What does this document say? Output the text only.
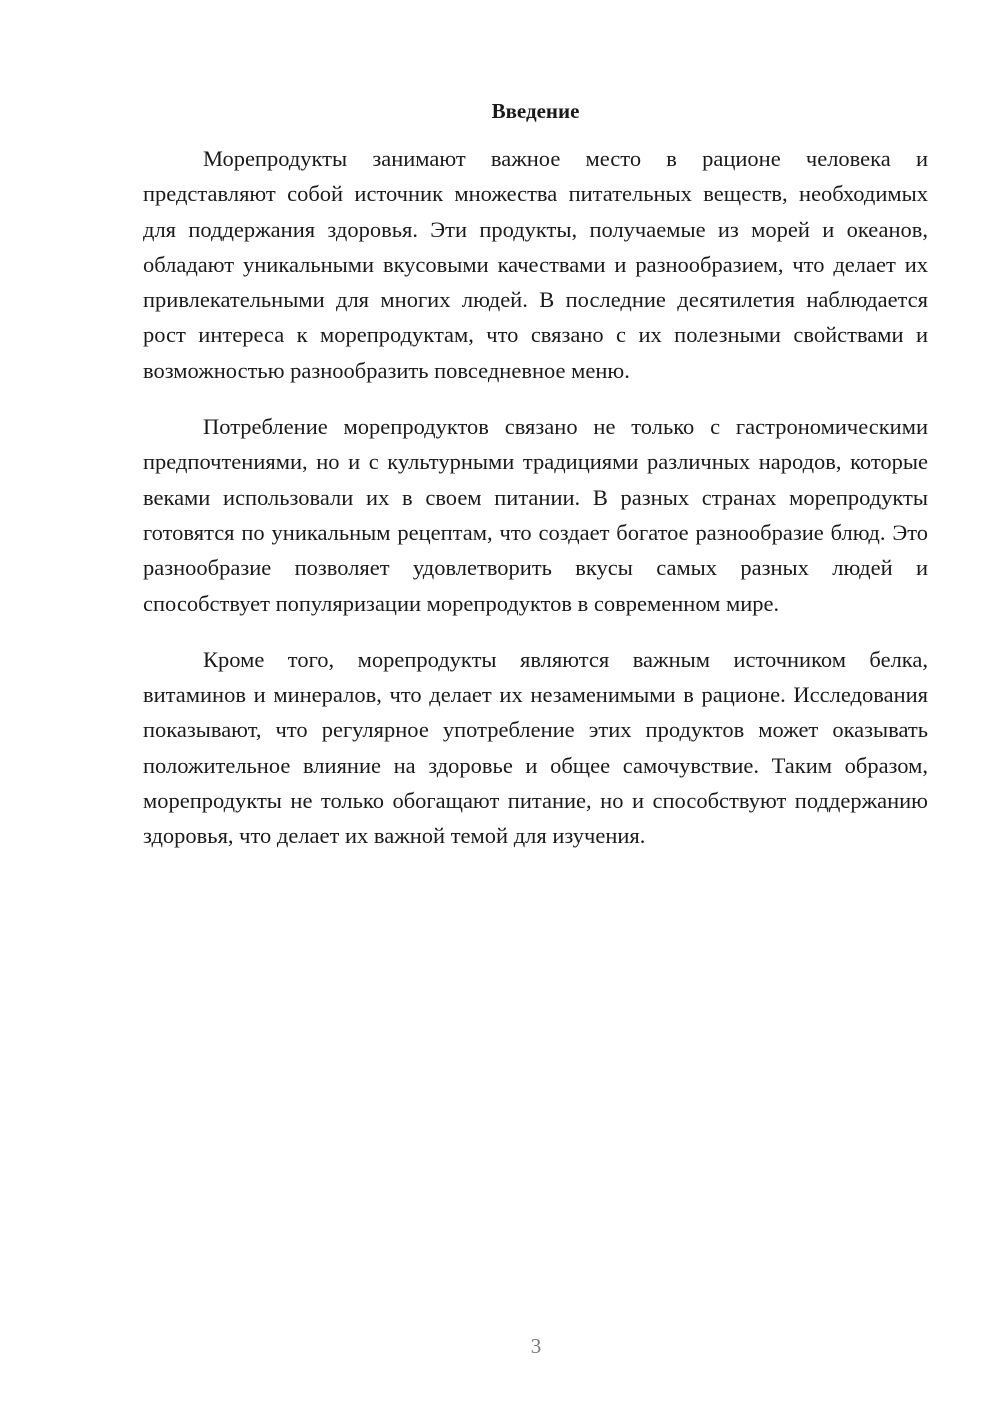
Введение

Морепродукты занимают важное место в рационе человека и представляют собой источник множества питательных веществ, необходимых для поддержания здоровья. Эти продукты, получаемые из морей и океанов, обладают уникальными вкусовыми качествами и разнообразием, что делает их привлекательными для многих людей. В последние десятилетия наблюдается рост интереса к морепродуктам, что связано с их полезными свойствами и возможностью разнообразить повседневное меню.

Потребление морепродуктов связано не только с гастрономическими предпочтениями, но и с культурными традициями различных народов, которые веками использовали их в своем питании. В разных странах морепродукты готовятся по уникальным рецептам, что создает богатое разнообразие блюд. Это разнообразие позволяет удовлетворить вкусы самых разных людей и способствует популяризации морепродуктов в современном мире.

Кроме того, морепродукты являются важным источником белка, витаминов и минералов, что делает их незаменимыми в рационе. Исследования показывают, что регулярное употребление этих продуктов может оказывать положительное влияние на здоровье и общее самочувствие. Таким образом, морепродукты не только обогащают питание, но и способствуют поддержанию здоровья, что делает их важной темой для изучения.

3
